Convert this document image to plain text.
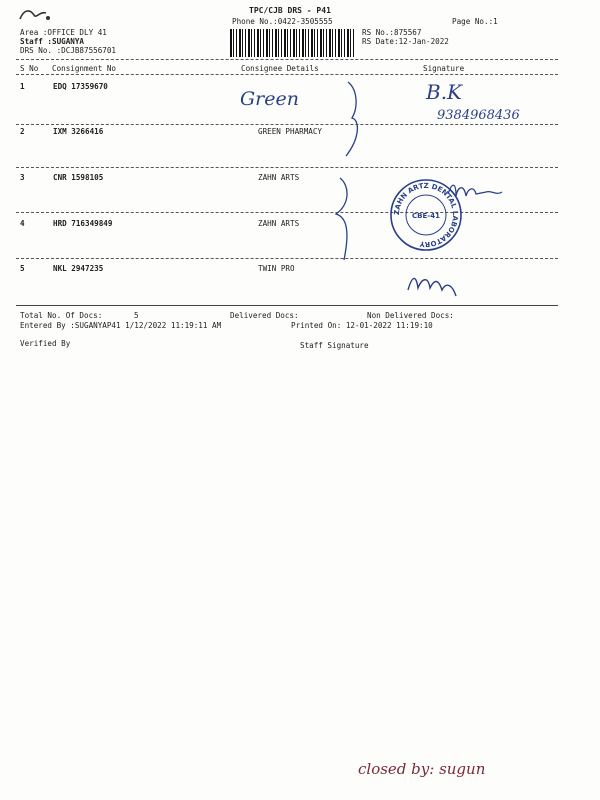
TPC/CJB DRS - P41
Phone No.:0422-3505555	Page No.:1
Area :OFFICE DLY 41
Staff :SUGANYA
DRS No. :DCJB87556701
RS No.:875567
RS Date:12-Jan-2022
S No Consignment No	Consignee Details	Signature
1	EDQ 17359670
2	IXM 3266416	GREEN PHARMACY
3	CNR 1598105	ZAHN ARTS
4	HRD 716349849	ZAHN ARTS
5	NKL 2947235	TWIN PRO
Green	B.K
9384968436
ZAHN ARTZ DENTAL LABORATORY
CBE-41
Total No. Of Docs:	5	Delivered Docs:	Non Delivered Docs:
Entered By :SUGANYAP41 1/12/2022 11:19:11 AM	Printed On: 12-01-2022 11:19:10
Verified By	Staff Signature
closed by: sugun
